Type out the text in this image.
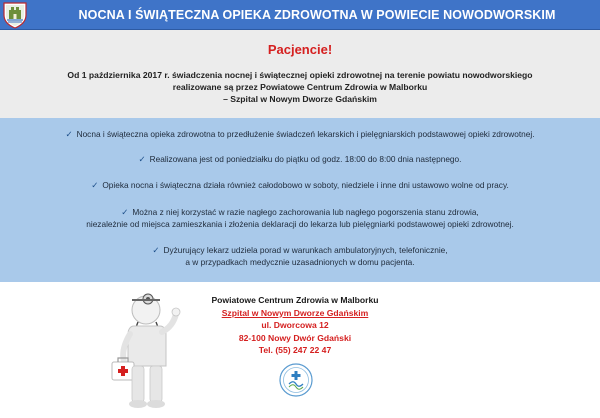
NOCNA I ŚWIĄTECZNA OPIEKA ZDROWOTNA W POWIECIE NOWODWORSKIM
Pacjencie!
Od 1 października 2017 r. świadczenia nocnej i świątecznej opieki zdrowotnej na terenie powiatu nowodworskiego
realizowane są przez Powiatowe Centrum Zdrowia w Malborku
– Szpital w Nowym Dworze Gdańskim
✓ Nocna i świąteczna opieka zdrowotna to przedłużenie świadczeń lekarskich i pielęgniarskich podstawowej opieki zdrowotnej.
✓ Realizowana jest od poniedziałku do piątku od godz. 18:00 do 8:00 dnia następnego.
✓ Opieka nocna i świąteczna działa również całodobowo w soboty, niedziele i inne dni ustawowo wolne od pracy.
✓ Można z niej korzystać w razie nagłego zachorowania lub nagłego pogorszenia stanu zdrowia,
niezależnie od miejsca zamieszkania i złożenia deklaracji do lekarza lub pielęgniarki podstawowej opieki zdrowotnej.
✓ Dyżurujący lekarz udziela porad w warunkach ambulatoryjnych, telefonicznie,
a w przypadkach medycznie uzasadnionych w domu pacjenta.
Powiatowe Centrum Zdrowia w Malborku
Szpital w Nowym Dworze Gdańskim
ul. Dworcowa 12
82-100 Nowy Dwór Gdański
Tel. (55) 247 22 47
